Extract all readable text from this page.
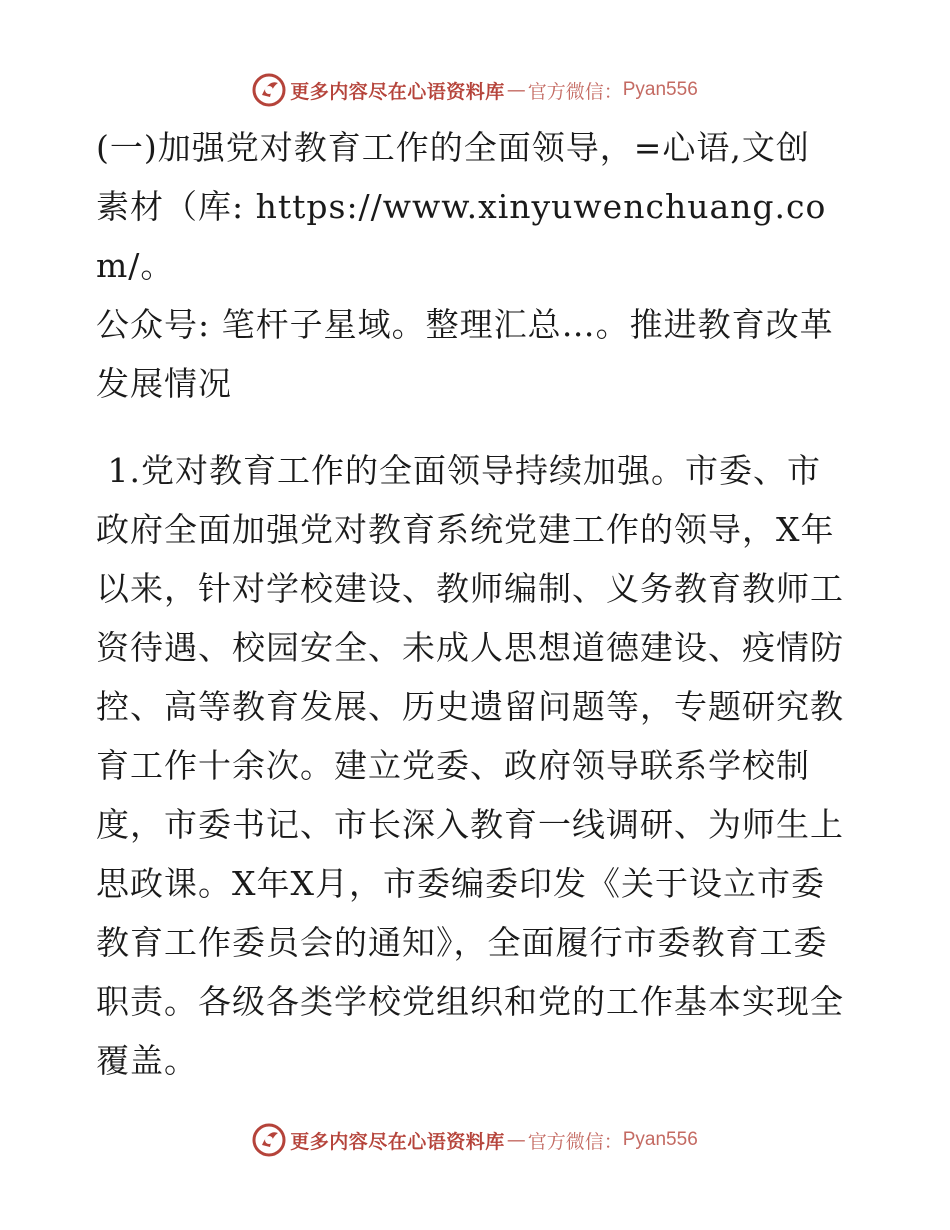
更多内容尽在心语资料库 — 官方微信： Pyan556

(一)加强党对教育工作的全面领导，=心语,文创

素材（库: https://www.xinyuwenchuang.com/。

公众号: 笔杆子星域。整理汇总…。推进教育改革

发展情况

1.党对教育工作的全面领导持续加强。市委、市

政府全面加强党对教育系统党建工作的领导，X年

以来，针对学校建设、教师编制、义务教育教师工

资待遇、校园安全、未成人思想道德建设、疫情防

控、高等教育发展、历史遗留问题等，专题研究教

育工作十余次。建立党委、政府领导联系学校制

度，市委书记、市长深入教育一线调研、为师生上

思政课。X年X月，市委编委印发《关于设立市委

教育工作委员会的通知》，全面履行市委教育工委

职责。各级各类学校党组织和党的工作基本实现全

覆盖。

更多内容尽在心语资料库 — 官方微信： Pyan556
